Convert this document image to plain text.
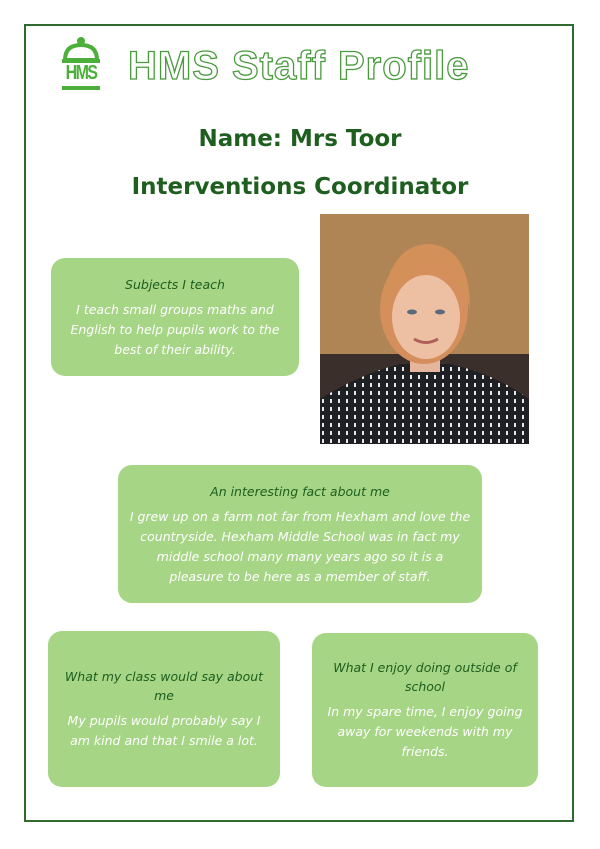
HMS HMS Staff Profile
Name: Mrs Toor
Interventions Coordinator
Subjects I teach
I teach small groups maths and English to help pupils work to the best of their ability.
An interesting fact about me
I grew up on a farm not far from Hexham and love the countryside. Hexham Middle School was in fact my middle school many many years ago so it is a pleasure to be here as a member of staff.
What my class would say about me
My pupils would probably say I am kind and that I smile a lot.
What I enjoy doing outside of school
In my spare time, I enjoy going away for weekends with my friends.
